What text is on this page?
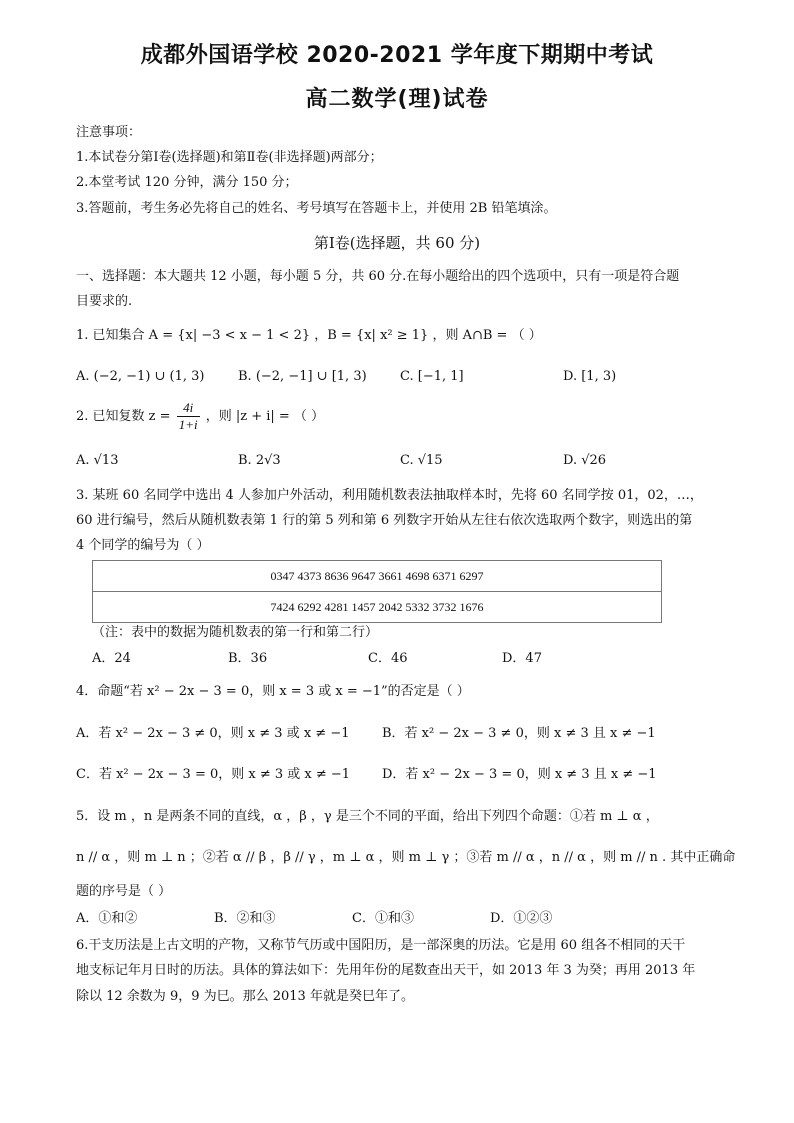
成都外国语学校 2020-2021 学年度下期期中考试
高二数学(理)试卷
注意事项：
1.本试卷分第Ⅰ卷(选择题)和第Ⅱ卷(非选择题)两部分；
2.本堂考试 120 分钟，满分 150 分；
3.答题前，考生务必先将自己的姓名、考号填写在答题卡上，并使用 2B 铅笔填涂。
第Ⅰ卷(选择题，共 60 分)
一、选择题：本大题共 12 小题，每小题 5 分，共 60 分.在每小题给出的四个选项中，只有一项是符合题
目要求的.
1. 已知集合 A = {x| −3 < x − 1 < 2} ，B = {x| x² ≥ 1} ，则 A∩B = （ ）
A. (−2, −1) ∪ (1, 3)	B. (−2, −1] ∪ [1, 3)	C. [−1, 1]	D. [1, 3)
2. 已知复数 $z = \frac{4i}{1+i}$ ，则 |z + i| = （ ）
A. √13	B. 2√3	C. √15	D. √26
3. 某班 60 名同学中选出 4 人参加户外活动，利用随机数表法抽取样本时，先将 60 名同学按 01，02，…，
60 进行编号，然后从随机数表第 1 行的第 5 列和第 6 列数字开始从左往右依次选取两个数字，则选出的第
4 个同学的编号为（ ）
0347 4373 8636 9647 3661 4698 6371 6297
7424 6292 4281 1457 2042 5332 3732 1676
（注：表中的数据为随机数表的第一行和第二行）
A．24	B．36	C．46	D．47
4．命题“若 x² − 2x − 3 = 0，则 x = 3 或 x = −1”的否定是（ ）
A．若 x² − 2x − 3 ≠ 0，则 x ≠ 3 或 x ≠ −1	B．若 x² − 2x − 3 ≠ 0，则 x ≠ 3 且 x ≠ −1
C．若 x² − 2x − 3 = 0，则 x ≠ 3 或 x ≠ −1 D．若 x² − 2x − 3 = 0，则 x ≠ 3 且 x ≠ −1
5．设 m ，n 是两条不同的直线，α ，β ，γ 是三个不同的平面，给出下列四个命题：①若 m ⊥ α ，
n // α ，则 m ⊥ n ；②若 α // β ，β // γ ，m ⊥ α ，则 m ⊥ γ ；③若 m // α ，n // α ，则 m // n . 其中正确命
题的序号是（ ）
A．①和②	B．②和③	C．①和③	D．①②③
6.干支历法是上古文明的产物，又称节气历或中国阳历，是一部深奥的历法。它是用 60 组各不相同的天干
地支标记年月日时的历法。具体的算法如下：先用年份的尾数查出天干，如 2013 年 3 为癸；再用 2013 年
除以 12 余数为 9，9 为巳。那么 2013 年就是癸巳年了。
